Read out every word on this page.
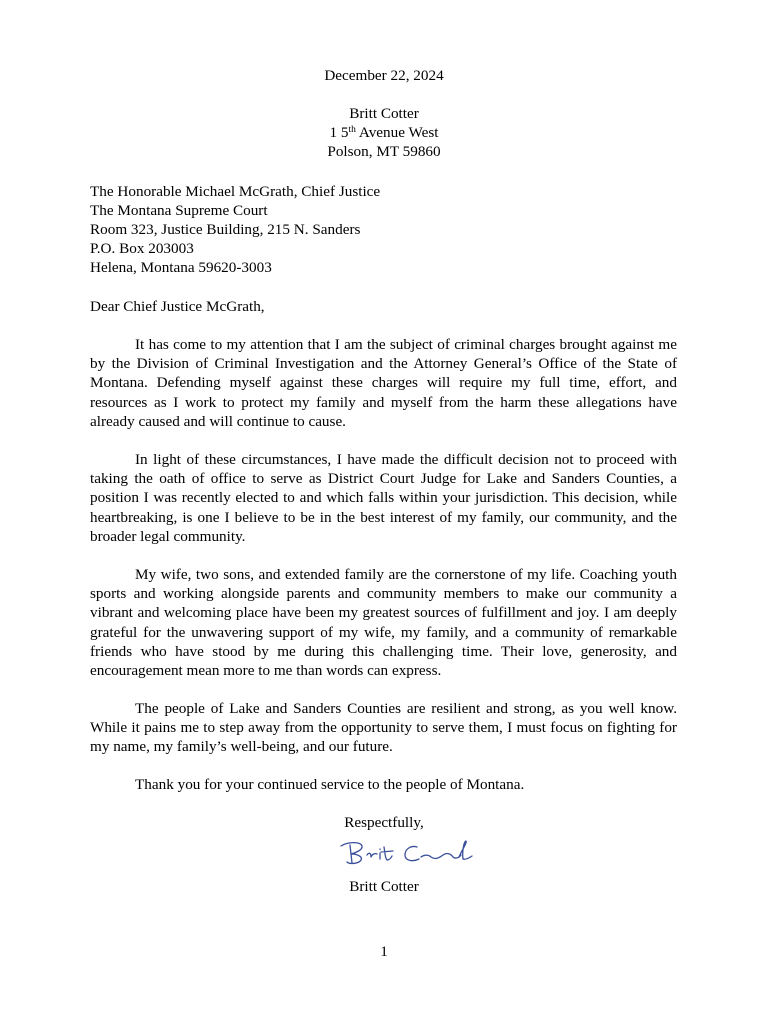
December 22, 2024
Britt Cotter
1 5th Avenue West
Polson, MT 59860
The Honorable Michael McGrath, Chief Justice
The Montana Supreme Court
Room 323, Justice Building, 215 N. Sanders
P.O. Box 203003
Helena, Montana 59620-3003
Dear Chief Justice McGrath,
It has come to my attention that I am the subject of criminal charges brought against me by the Division of Criminal Investigation and the Attorney General’s Office of the State of Montana. Defending myself against these charges will require my full time, effort, and resources as I work to protect my family and myself from the harm these allegations have already caused and will continue to cause.
In light of these circumstances, I have made the difficult decision not to proceed with taking the oath of office to serve as District Court Judge for Lake and Sanders Counties, a position I was recently elected to and which falls within your jurisdiction. This decision, while heartbreaking, is one I believe to be in the best interest of my family, our community, and the broader legal community.
My wife, two sons, and extended family are the cornerstone of my life. Coaching youth sports and working alongside parents and community members to make our community a vibrant and welcoming place have been my greatest sources of fulfillment and joy. I am deeply grateful for the unwavering support of my wife, my family, and a community of remarkable friends who have stood by me during this challenging time. Their love, generosity, and encouragement mean more to me than words can express.
The people of Lake and Sanders Counties are resilient and strong, as you well know. While it pains me to step away from the opportunity to serve them, I must focus on fighting for my name, my family’s well-being, and our future.
Thank you for your continued service to the people of Montana.
Respectfully,
Britt Cotter
1
